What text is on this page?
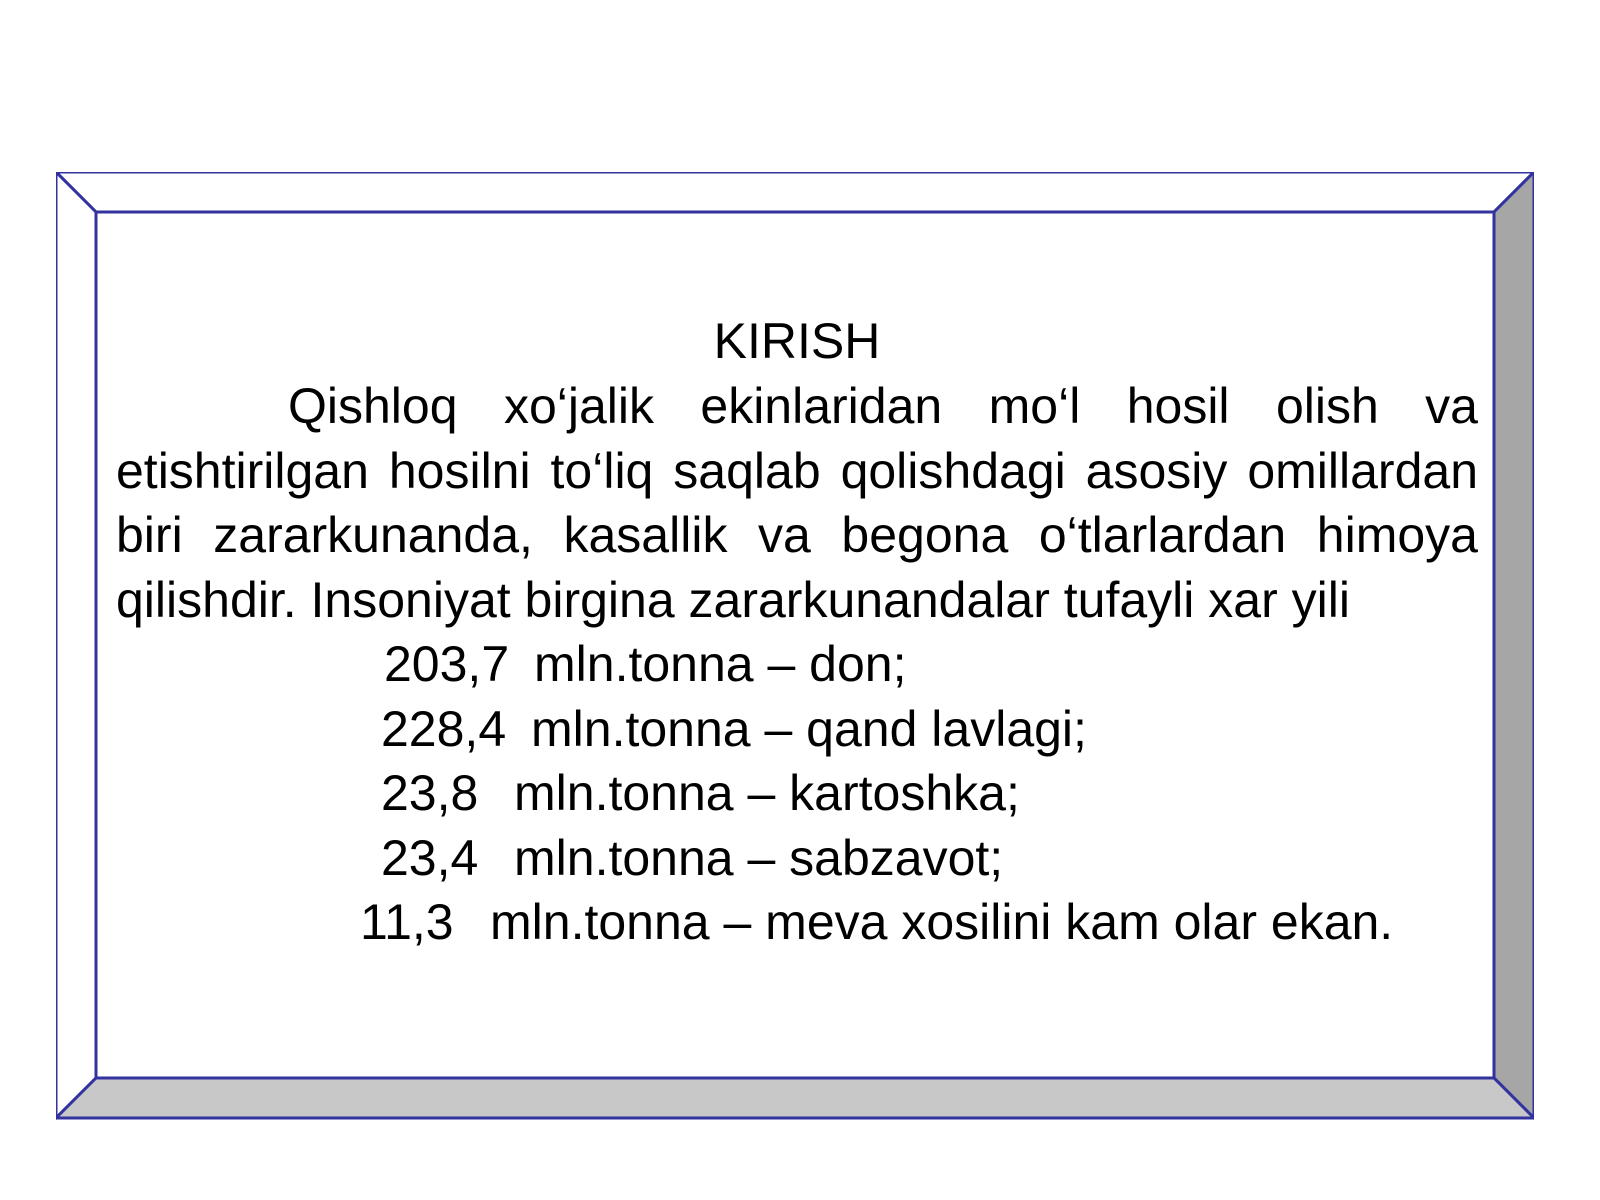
KIRISH

Qishloq xo‘jalik ekinlaridan mo‘l hosil olish va etishtirilgan hosilni to‘liq saqlab qolishdagi asosiy omillardan biri zararkunanda, kasallik va begona o‘tlarlardan himoya qilishdir. Insoniyat birgina zararkunandalar tufayli xar yili

203,7

mln.tonna – don;

228,4

mln.tonna – qand lavlagi;

23,8

mln.tonna – kartoshka;

23,4

mln.tonna – sabzavot;

11,3

mln.tonna – meva xosilini kam olar ekan.
